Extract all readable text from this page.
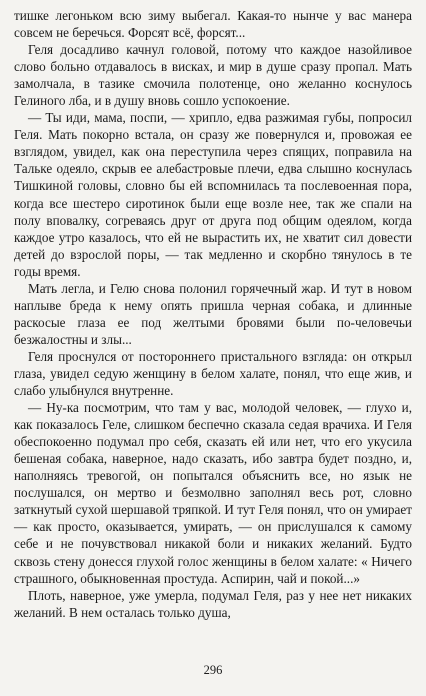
тишке легоньком всю зиму выбегал. Какая-то нынче у вас манера совсем не беречься. Форсят всё, форсят...

Геля досадливо качнул головой, потому что каждое назойливое слово больно отдавалось в висках, и мир в душе сразу пропал. Мать замолчала, в тазике смочила полотенце, оно желанно коснулось Гелиного лба, и в душу вновь сошло успокоение.

— Ты иди, мама, поспи, — хрипло, едва разжимая губы, попросил Геля. Мать покорно встала, он сразу же повернулся и, провожая ее взглядом, увидел, как она переступила через спящих, поправила на Тальке одеяло, скрыв ее алебастровые плечи, едва слышно коснулась Тишкиной головы, словно бы ей вспомнилась та послевоенная пора, когда все шестеро сиротинок были еще возле нее, так же спали на полу вповалку, согреваясь друг от друга под общим одеялом, когда каждое утро казалось, что ей не вырастить их, не хватит сил довести детей до взрослой поры, — так медленно и скорбно тянулось в те годы время.

Мать легла, и Гелю снова полонил горячечный жар. И тут в новом наплыве бреда к нему опять пришла черная собака, и длинные раскосые глаза ее под желтыми бровями были по-человечьи безжалостны и злы...

Геля проснулся от постороннего пристального взгляда: он открыл глаза, увидел седую женщину в белом халате, понял, что еще жив, и слабо улыбнулся внутренне.

— Ну-ка посмотрим, что там у вас, молодой человек, — глухо и, как показалось Геле, слишком беспечно сказала седая врачиха. И Геля обеспокоенно подумал про себя, сказать ей или нет, что его укусила бешеная собака, наверное, надо сказать, ибо завтра будет поздно, и, наполняясь тревогой, он попытался объяснить все, но язык не послушался, он мертво и безмолвно заполнял весь рот, словно заткнутый сухой шершавой тряпкой. И тут Геля понял, что он умирает — как просто, оказывается, умирать, — он прислушался к самому себе и не почувствовал никакой боли и никаких желаний. Будто сквозь стену донесся глухой голос женщины в белом халате: « Ничего страшного, обыкновенная простуда. Аспирин, чай и покой...»

Плоть, наверное, уже умерла, подумал Геля, раз у нее нет никаких желаний. В нем осталась только душа,

296
